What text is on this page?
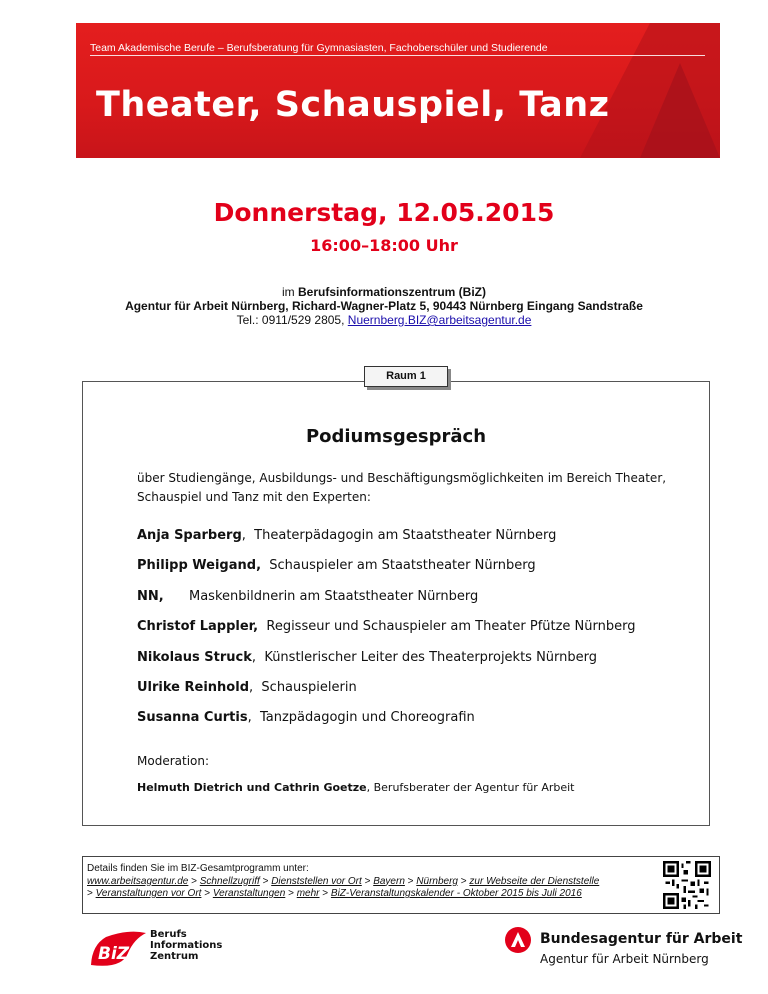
Team Akademische Berufe – Berufsberatung für Gymnasiasten, Fachoberschüler und Studierende
Theater, Schauspiel, Tanz
Donnerstag, 12.05.2015
16:00–18:00 Uhr
im Berufsinformationszentrum (BiZ)
Agentur für Arbeit Nürnberg, Richard-Wagner-Platz 5, 90443 Nürnberg Eingang Sandstraße
Tel.: 0911/529 2805, Nuernberg.BIZ@arbeitsagentur.de
Podiumsgespräch
über Studiengänge, Ausbildungs- und Beschäftigungsmöglichkeiten im Bereich Theater, Schauspiel und Tanz mit den Experten:
Anja Sparberg, Theaterpädagogin am Staatstheater Nürnberg
Philipp Weigand, Schauspieler am Staatstheater Nürnberg
NN, Maskenbildnerin am Staatstheater Nürnberg
Christof Lappler, Regisseur und Schauspieler am Theater Pfütze Nürnberg
Nikolaus Struck, Künstlerischer Leiter des Theaterprojekts Nürnberg
Ulrike Reinhold, Schauspielerin
Susanna Curtis, Tanzpädagogin und Choreografin
Moderation:
Helmuth Dietrich und Cathrin Goetze, Berufsberater der Agentur für Arbeit
Raum 1
Details finden Sie im BIZ-Gesamtprogramm unter:
www.arbeitsagentur.de > Schnellzugriff > Dienststellen vor Ort > Bayern > Nürnberg > zur Webseite der Dienststelle
> Veranstaltungen vor Ort > Veranstaltungen > mehr > BiZ-Veranstaltungskalender - Oktober 2015 bis Juli 2016
BiZ
Berufs
Informations
Zentrum
Bundesagentur für Arbeit
Agentur für Arbeit Nürnberg
